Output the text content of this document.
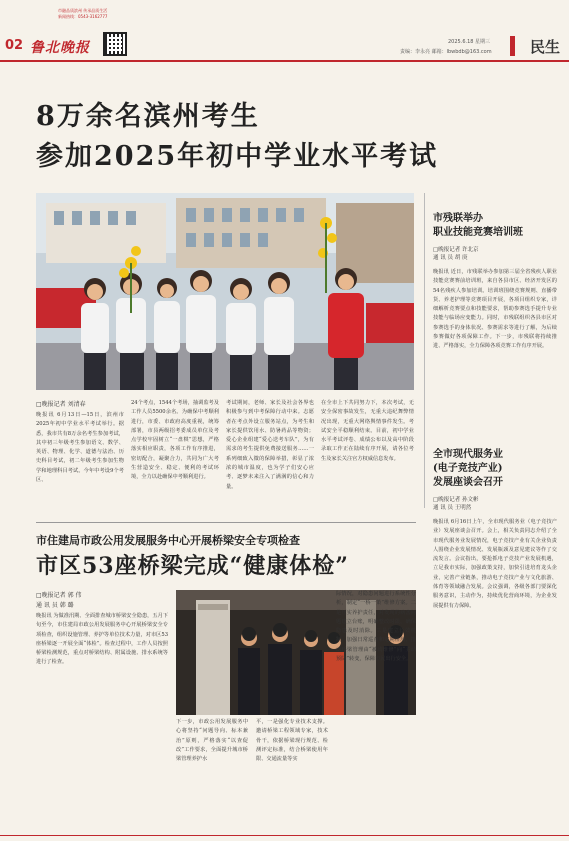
市融品质滨州 传承品质生活
新闻热线：0543-3162777
02 鲁北晚报	2025.6.18 星期三
责编：李永亮 邮箱：lbwbdb@163.com	民生
8万余名滨州考生
参加2025年初中学业水平考试
□晚报记者 刘清春
晚报讯 6月13日—15日，滨州市2025年初中学业水平考试举行。据悉，我市共有8万余名考生参加考试，其中初三年级考生参加语文、数学、英语、物理、化学、道德与法治、历史科目考试，初二年级考生参加生物学和地理科目考试。今年中考设9个考区、
24个考点，1544个考场，抽调监考及工作人员5500余名。为确保中考顺利进行，市委、市政府高度重视，统筹部署，市县两级招考委成员单位及考点学校牢固树立“一盘棋”思想，严格落实相应职责，各项工作有序推进，密切配合，凝聚合力，共同为广大考生营造安全、稳定、便利的考试环境，全力以赴确保中考顺利进行。
考试期间，老师、家长及社会各界也积极参与到中考保障行动中来。志愿者在考点外设立服务站点，为考生和家长提供饮用水、防暑药品等物资；爱心企业组建“爱心送考车队”，为有需求的考生提供免费接送服务……一系列细致入微的保障举措，彰显了浓浓的城市温度，也为学子们安心应考、逐梦未来注入了满满的信心和力量。
在全市上下共同努力下，本次考试，无安全保密事故发生，无重大违纪舞弊情况出现，无重大网络舆情事件发生。考试安全平稳顺利结束。目前，初中学业水平考试评卷、成绩公布以及高中阶段录取工作正在陆续有序开展，请各位考生及家长关注官方权威信息发布。
市残联举办
职业技能竞赛培训班
□晚报记者 许北京
通 讯 员 胡 庚
晚报讯 近日，市残联举办参加第三届全省残疾人职业技能竞赛赛前培训班，来自各县市区、经济开发区的54名残疾人参加培训。培训班围绕竞赛规则、直播带货、养老护理等竞赛项目开展，各项目组织专家，详细解析竞赛要点和技能要求，帮助参赛选手提升专业技能与临场应变能力。同时，市残联组织各县市区对参赛选手的身体状况、参赛需求等进行了解，为后续参赛做好各项保障工作。下一步，市残联将持续推进、严格落实，全力保障各项竞赛工作有序开展。
全市现代服务业
(电子竞技产业)
发展座谈会召开
□晚报记者 孙文彬
通 讯 员 王明然
晚报讯 6月16日上午，全市现代服务业（电子竞技产业）发展座谈会召开。会上，相关负责同志介绍了全市现代服务业发展情况，电子竞技产业有关企业负责人围绕企业发展情况、发展瓶颈及意见建议等作了交流发言。会议指出，要抢抓电子竞技产业发展机遇，立足我市实际，加强政策支持，加快引进培育龙头企业，完善产业链条，推动电子竞技产业与文化旅游、体育等领域融合发展。会议强调，各级各部门要深化服务意识，主动作为，持续优化营商环境，为企业发展提供有力保障。
市住建局市政公用发展服务中心开展桥梁安全专项检查
市区53座桥梁完成“健康体检”
□晚报记者 郭 伟
通 讯 员 韩 璐
晚报讯 为做准汛期、全面排查城市桥梁安全隐患，五月下旬至今，市住建局市政公用发展服务中心开展桥梁安全专项检查，组织设施管理、养护等单位技术力量，对市区53座桥梁逐一开展全面“体检”。检查过程中，工作人员按照桥梁检测规范，重点对桥梁结构、附属设施、排水系统等进行了检查。
下一步，市政公用发展服务中心将坚持“问题导向、标本兼治”原则，严格落实“以查促改”工作要求，全面提升城市桥梁管理养护水
平，一是强化专业技术支撑。邀请桥梁工程领域专家，技术骨干，依据桥梁现行规范、检测评定标准，结合桥梁使用年限、交通流量等实
际情况，对隐患问题进行系统性分析，制定“一桥一策”维修方案。二是压实养护责任，对发现的病害问题建立台账，明确整改时限，确保隐患及时消除。三是建立长效机制，加强日常巡查和定期检测，推动桥梁管理由“被动维修”向“主动预防”转变，保障市民出行安全。
